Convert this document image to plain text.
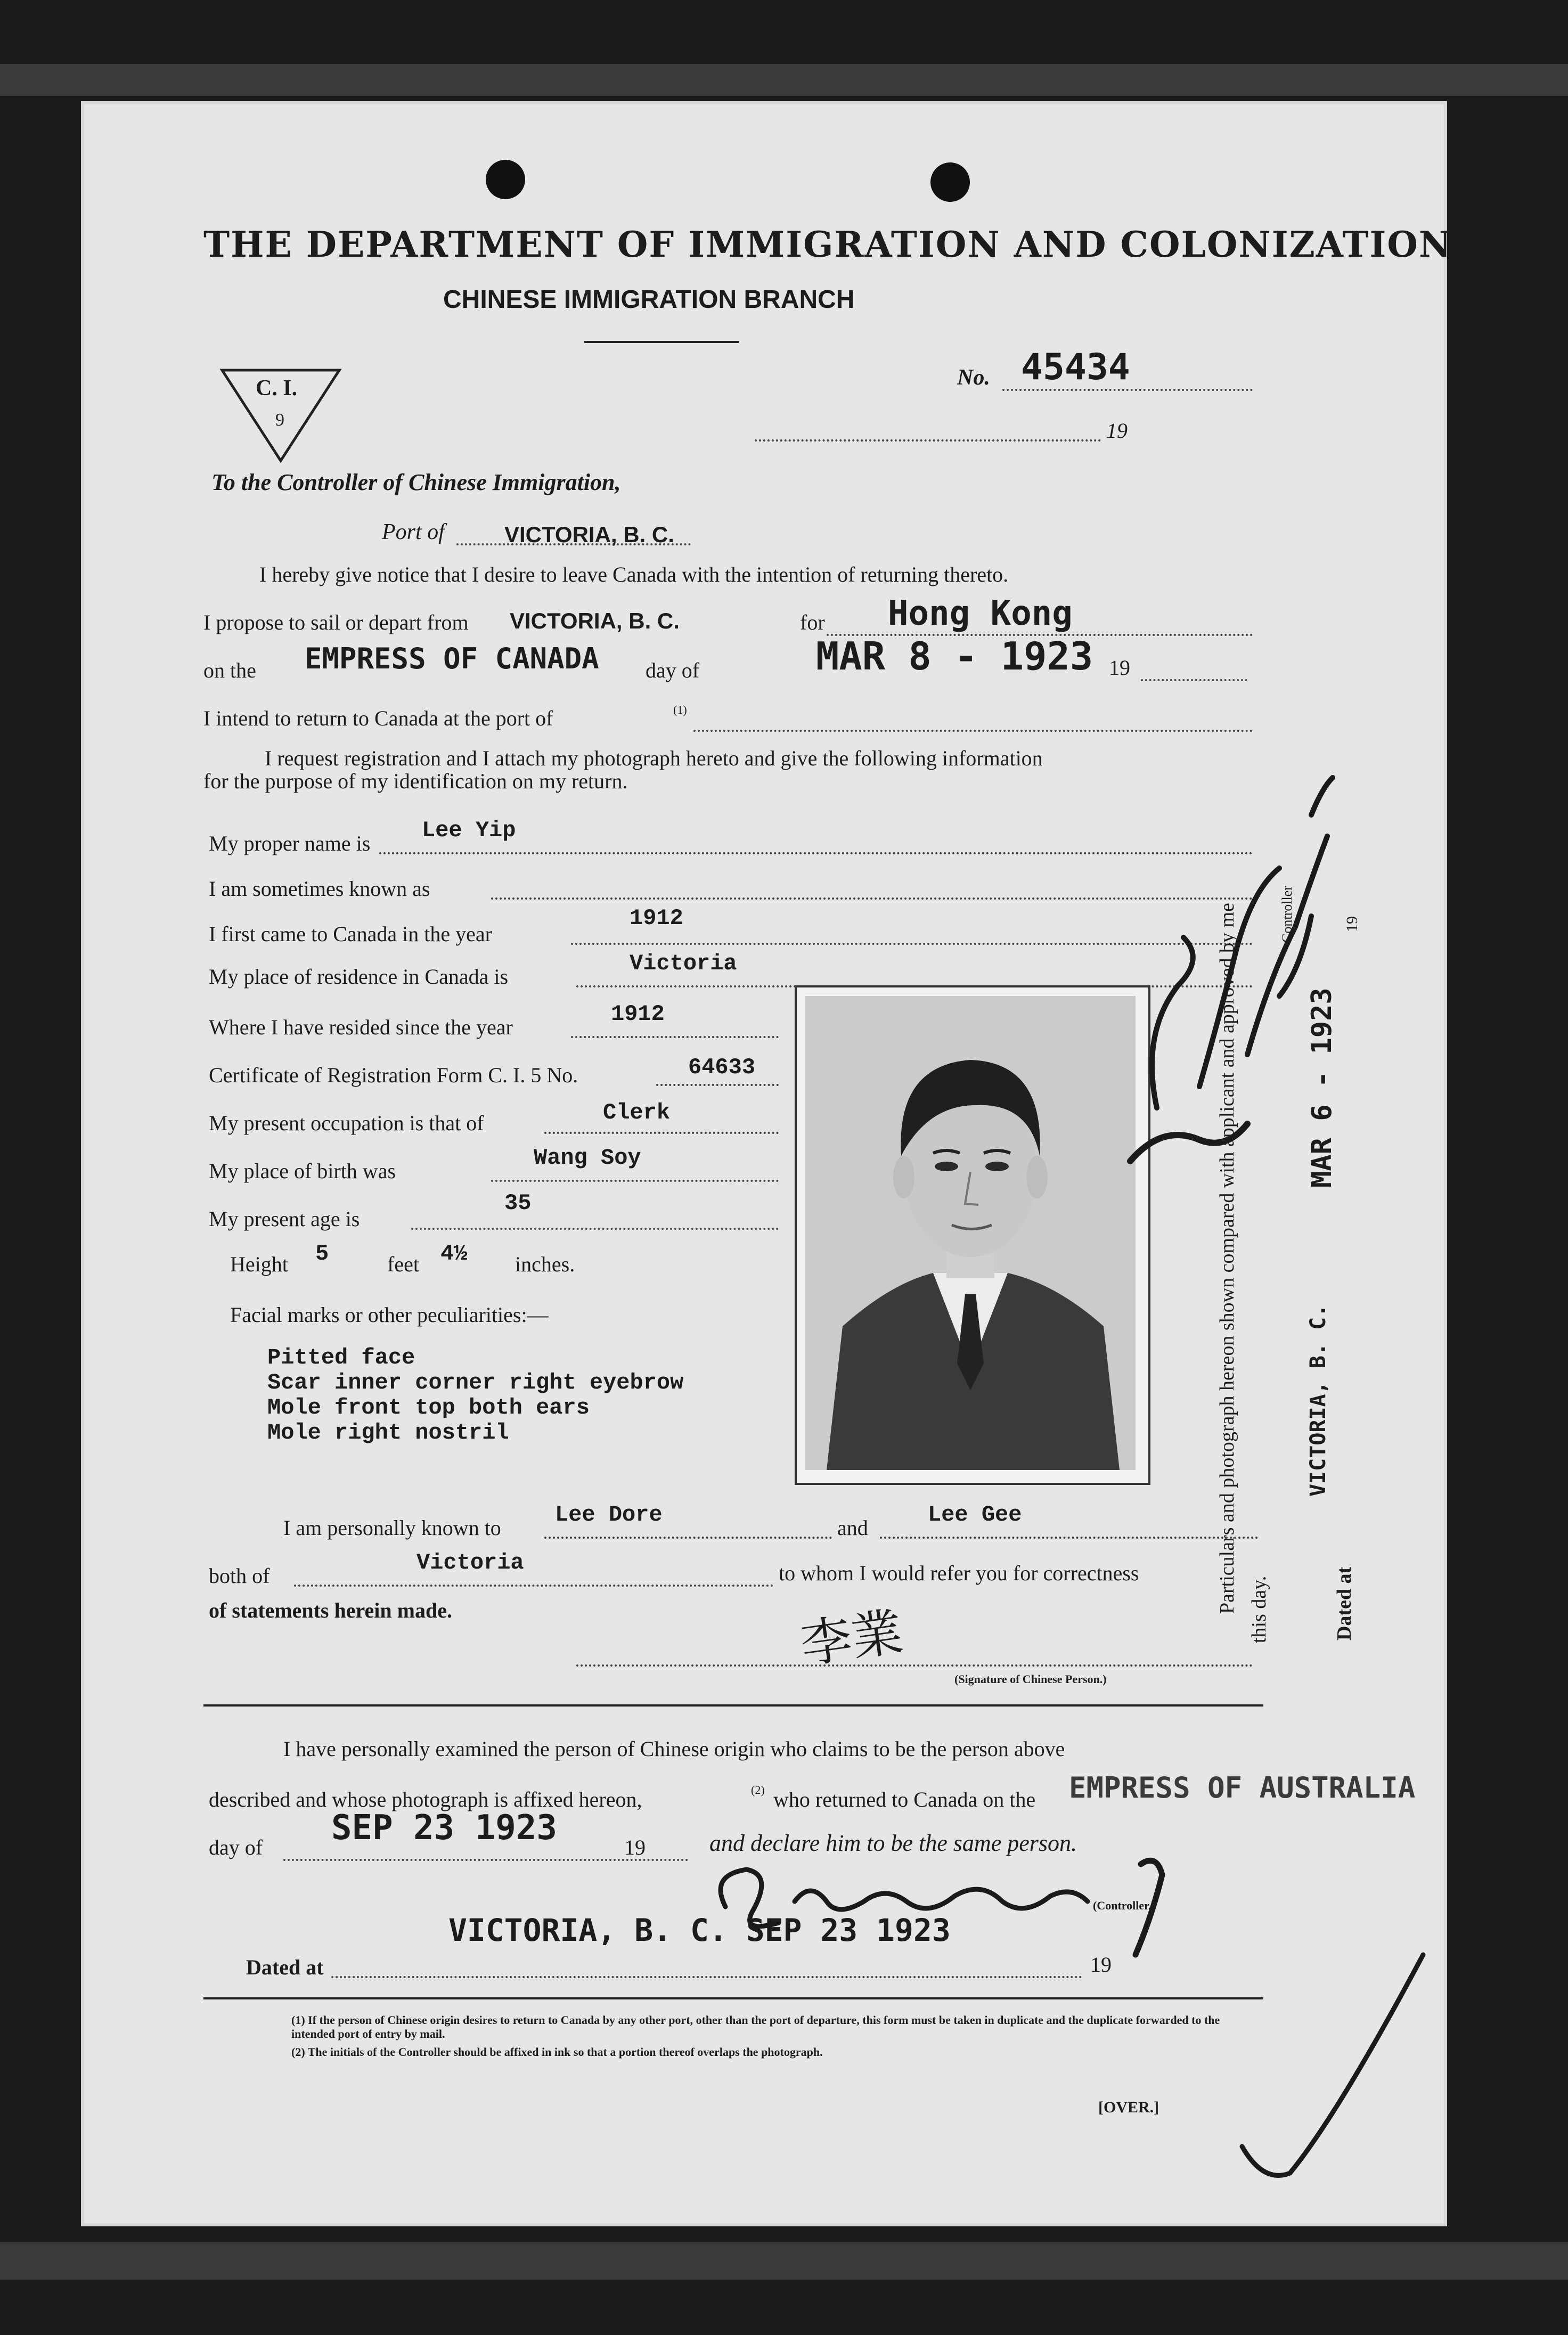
THE DEPARTMENT OF IMMIGRATION AND COLONIZATION
CHINESE IMMIGRATION BRANCH
C. I.
9
No. 45434
19
To the Controller of Chinese Immigration,
Port of	VICTORIA, B. C.
I hereby give notice that I desire to leave Canada with the intention of returning thereto.
I propose to sail or depart from VICTORIA, B. C.	for Hong Kong
on the EMPRESS OF CANADA day of	MAR 8 - 1923 19
I intend to return to Canada at the port of	(1)
I request registration and I attach my photograph hereto and give the following information
for the purpose of my identification on my return.
My proper name is
Lee Yip
I am sometimes known as
I first came to Canada in the year
1912
My place of residence in Canada is
Victoria
Where I have resided since the year
1912
Certificate of Registration Form C. I. 5 No.	64633
My present occupation is that of	Clerk
My place of birth was
Wang Soy
My present age is
35
Height 5	feet 4½ inches.
Facial marks or other peculiarities:—
Pitted face
Scar inner corner right eyebrow
Mole front top both ears
Mole right nostril
I am personally known to
Lee Dore
and
Lee Gee
both of
Victoria	to whom I would refer you for correctness
of statements herein made.	李業
(Signature of Chinese Person.)
Particulars and photograph hereon shown compared with applicant and approved by me this day.	Dated at
VICTORIA, B. C.
MAR 6 - 1923
19
Controller
I have personally examined the person of Chinese origin who claims to be the person above
described and whose photograph is affixed hereon,	(2) who returned to Canada on the EMPRESS OF AUSTRALIA
day of SEP 23 1923	19	and declare him to be the same person.
(Controller.)
Dated at
VICTORIA, B. C. SEP 23 1923
19
(1) If the person of Chinese origin desires to return to Canada by any other port, other than the port of departure, this form must be taken in duplicate and the duplicate forwarded to the intended port of entry by mail.
(2) The initials of the Controller should be affixed in ink so that a portion thereof overlaps the photograph.
[OVER.]
